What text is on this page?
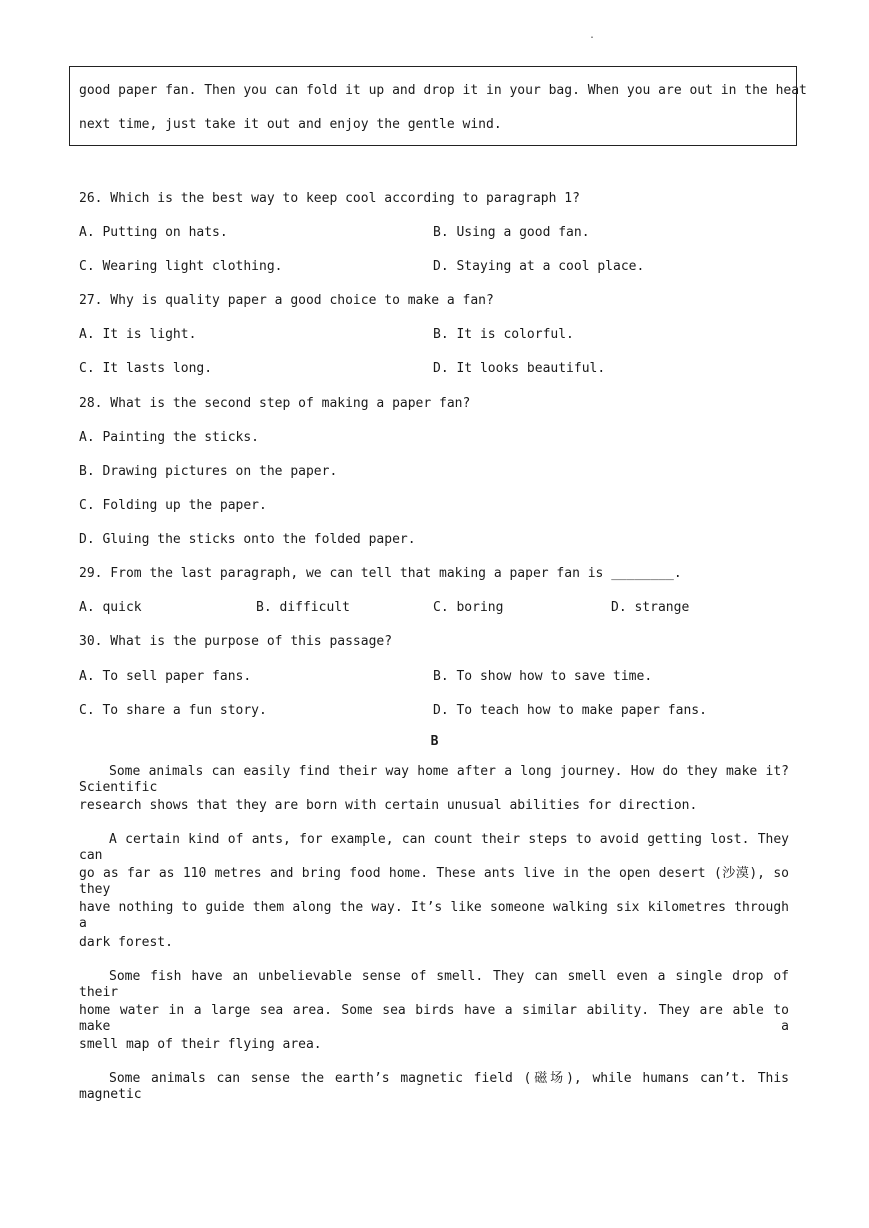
.

good paper fan. Then you can fold it up and drop it in your bag. When you are out in the heat

next time, just take it out and enjoy the gentle wind.

26. Which is the best way to keep cool according to paragraph 1?

A. Putting on hats.	B. Using a good fan.

C. Wearing light clothing.	D. Staying at a cool place.

27. Why is quality paper a good choice to make a fan?

A. It is light.	B. It is colorful.

C. It lasts long.	D. It looks beautiful.

28. What is the second step of making a paper fan?

A. Painting the sticks.

B. Drawing pictures on the paper.

C. Folding up the paper.

D. Gluing the sticks onto the folded paper.

29. From the last paragraph, we can tell that making a paper fan is ________.

A. quick	B. difficult	C. boring	D. strange

30. What is the purpose of this passage?

A. To sell paper fans.	B. To show how to save time.

C. To share a fun story.	D. To teach how to make paper fans.

B

Some animals can easily find their way home after a long journey. How do they make it? Scientific

research shows that they are born with certain unusual abilities for direction.

A certain kind of ants, for example, can count their steps to avoid getting lost. They can

go as far as 110 metres and bring food home. These ants live in the open desert (沙漠), so they

have nothing to guide them along the way. It’s like someone walking six kilometres through a

dark forest.

Some fish have an unbelievable sense of smell. They can smell even a single drop of their

home water in a large sea area. Some sea birds have a similar ability. They are able to make a

smell map of their flying area.

Some animals can sense the earth’s magnetic field (磁场), while humans can’t. This magnetic
